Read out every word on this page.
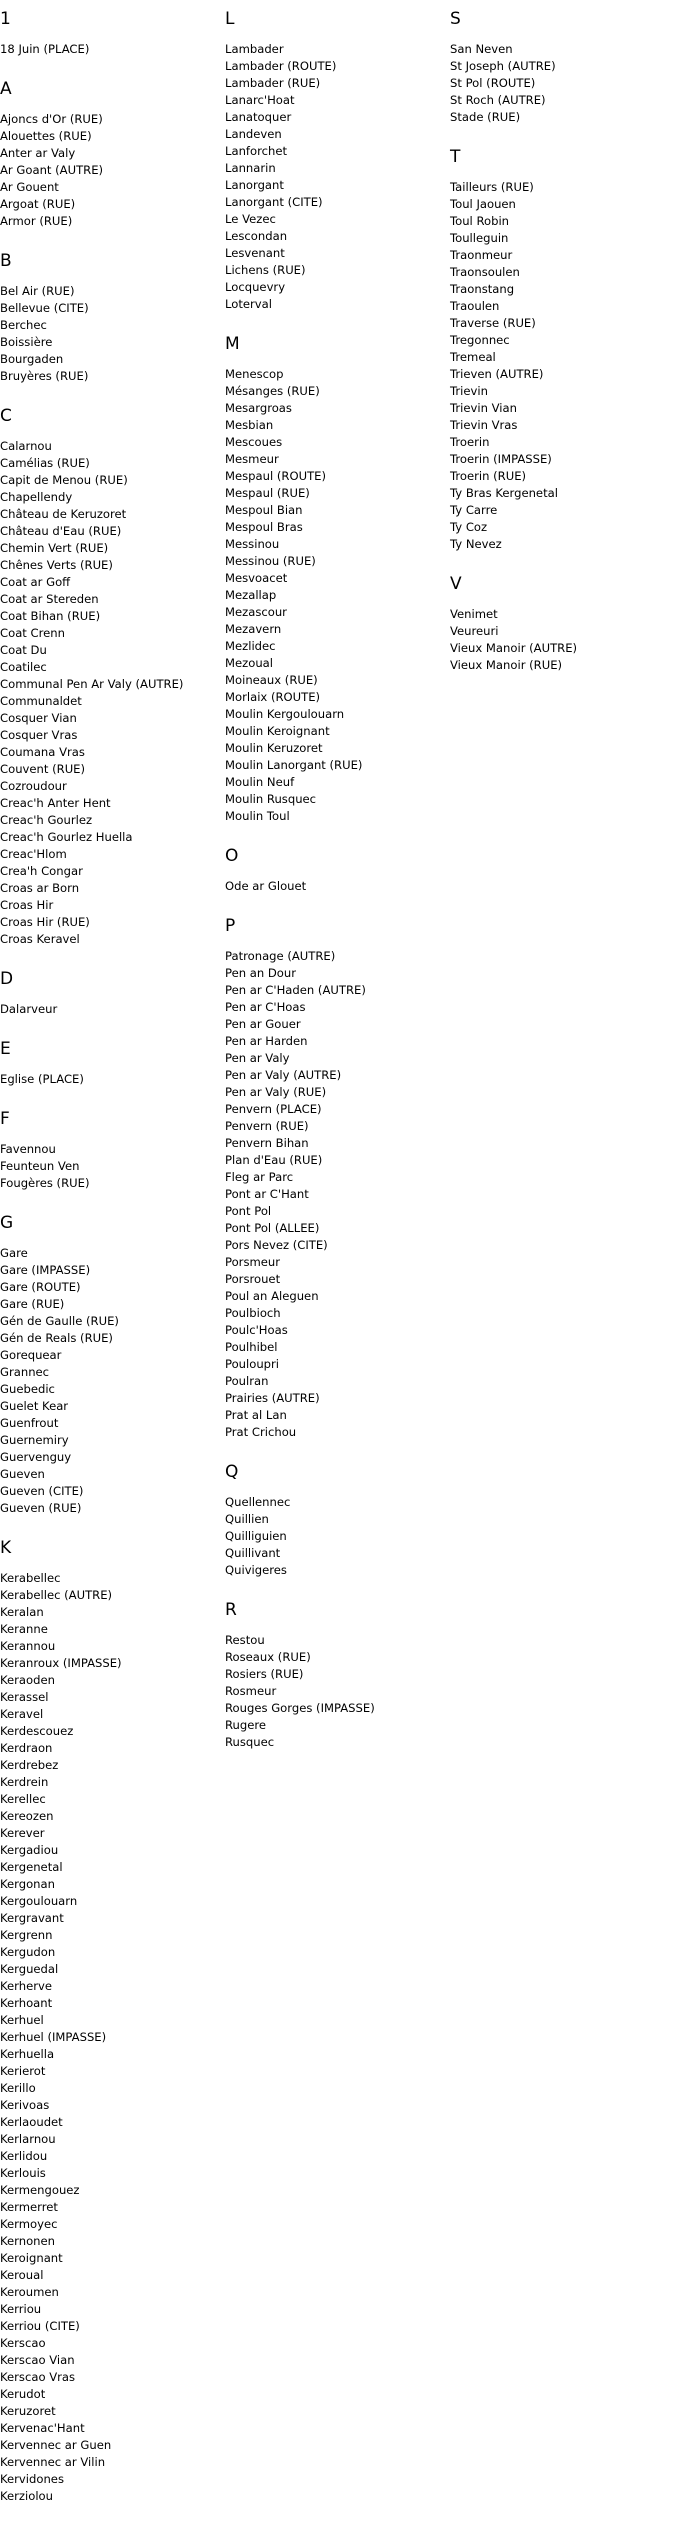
1
18 Juin (PLACE)
A
Ajoncs d'Or (RUE)
Alouettes (RUE)
Anter ar Valy
Ar Goant (AUTRE)
Ar Gouent
Argoat (RUE)
Armor (RUE)
B
Bel Air (RUE)
Bellevue (CITE)
Berchec
Boissière
Bourgaden
Bruyères (RUE)
C
Calarnou
Camélias (RUE)
Capit de Menou (RUE)
Chapellendy
Château de Keruzoret
Château d'Eau (RUE)
Chemin Vert (RUE)
Chênes Verts (RUE)
Coat ar Goff
Coat ar Stereden
Coat Bihan (RUE)
Coat Crenn
Coat Du
Coatilec
Communal Pen Ar Valy (AUTRE)
Communaldet
Cosquer Vian
Cosquer Vras
Coumana Vras
Couvent (RUE)
Cozroudour
Creac'h Anter Hent
Creac'h Gourlez
Creac'h Gourlez Huella
Creac'Hlom
Crea'h Congar
Croas ar Born
Croas Hir
Croas Hir (RUE)
Croas Keravel
D
Dalarveur
E
Eglise (PLACE)
F
Favennou
Feunteun Ven
Fougères (RUE)
G
Gare
Gare (IMPASSE)
Gare (ROUTE)
Gare (RUE)
Gén de Gaulle (RUE)
Gén de Reals (RUE)
Gorequear
Grannec
Guebedic
Guelet Kear
Guenfrout
Guernemiry
Guervenguy
Gueven
Gueven (CITE)
Gueven (RUE)
K
Kerabellec
Kerabellec (AUTRE)
Keralan
Keranne
Kerannou
Keranroux (IMPASSE)
Keraoden
Kerassel
Keravel
Kerdescouez
Kerdraon
Kerdrebez
Kerdrein
Kerellec
Kereozen
Kerever
Kergadiou
Kergenetal
Kergonan
Kergoulouarn
Kergravant
Kergrenn
Kergudon
Kerguedal
Kerherve
Kerhoant
Kerhuel
Kerhuel (IMPASSE)
Kerhuella
Kerierot
Kerillo
Kerivoas
Kerlaoudet
Kerlarnou
Kerlidou
Kerlouis
Kermengouez
Kermerret
Kermoyec
Kernonen
Keroignant
Keroual
Keroumen
Kerriou
Kerriou (CITE)
Kerscao
Kerscao Vian
Kerscao Vras
Kerudot
Keruzoret
Kervenac'Hant
Kervennec ar Guen
Kervennec ar Vilin
Kervidones
Kerziolou
L
Lambader
Lambader (ROUTE)
Lambader (RUE)
Lanarc'Hoat
Lanatoquer
Landeven
Lanforchet
Lannarin
Lanorgant
Lanorgant (CITE)
Le Vezec
Lescondan
Lesvenant
Lichens (RUE)
Locquevry
Loterval
M
Menescop
Mésanges (RUE)
Mesargroas
Mesbian
Mescoues
Mesmeur
Mespaul (ROUTE)
Mespaul (RUE)
Mespoul Bian
Mespoul Bras
Messinou
Messinou (RUE)
Mesvoacet
Mezallap
Mezascour
Mezavern
Mezlidec
Mezoual
Moineaux (RUE)
Morlaix (ROUTE)
Moulin Kergoulouarn
Moulin Keroignant
Moulin Keruzoret
Moulin Lanorgant (RUE)
Moulin Neuf
Moulin Rusquec
Moulin Toul
O
Ode ar Glouet
P
Patronage (AUTRE)
Pen an Dour
Pen ar C'Haden (AUTRE)
Pen ar C'Hoas
Pen ar Gouer
Pen ar Harden
Pen ar Valy
Pen ar Valy (AUTRE)
Pen ar Valy (RUE)
Penvern (PLACE)
Penvern (RUE)
Penvern Bihan
Plan d'Eau (RUE)
Fleg ar Parc
Pont ar C'Hant
Pont Pol
Pont Pol (ALLEE)
Pors Nevez (CITE)
Porsmeur
Porsrouet
Poul an Aleguen
Poulbioch
Poulc'Hoas
Poulhibel
Pouloupri
Poulran
Prairies (AUTRE)
Prat al Lan
Prat Crichou
Q
Quellennec
Quillien
Quilliguien
Quillivant
Quivigeres
R
Restou
Roseaux (RUE)
Rosiers (RUE)
Rosmeur
Rouges Gorges (IMPASSE)
Rugere
Rusquec
S
San Neven
St Joseph (AUTRE)
St Pol (ROUTE)
St Roch (AUTRE)
Stade (RUE)
T
Tailleurs (RUE)
Toul Jaouen
Toul Robin
Toulleguin
Traonmeur
Traonsoulen
Traonstang
Traoulen
Traverse (RUE)
Tregonnec
Tremeal
Trieven (AUTRE)
Trievin
Trievin Vian
Trievin Vras
Troerin
Troerin (IMPASSE)
Troerin (RUE)
Ty Bras Kergenetal
Ty Carre
Ty Coz
Ty Nevez
V
Venimet
Veureuri
Vieux Manoir (AUTRE)
Vieux Manoir (RUE)
